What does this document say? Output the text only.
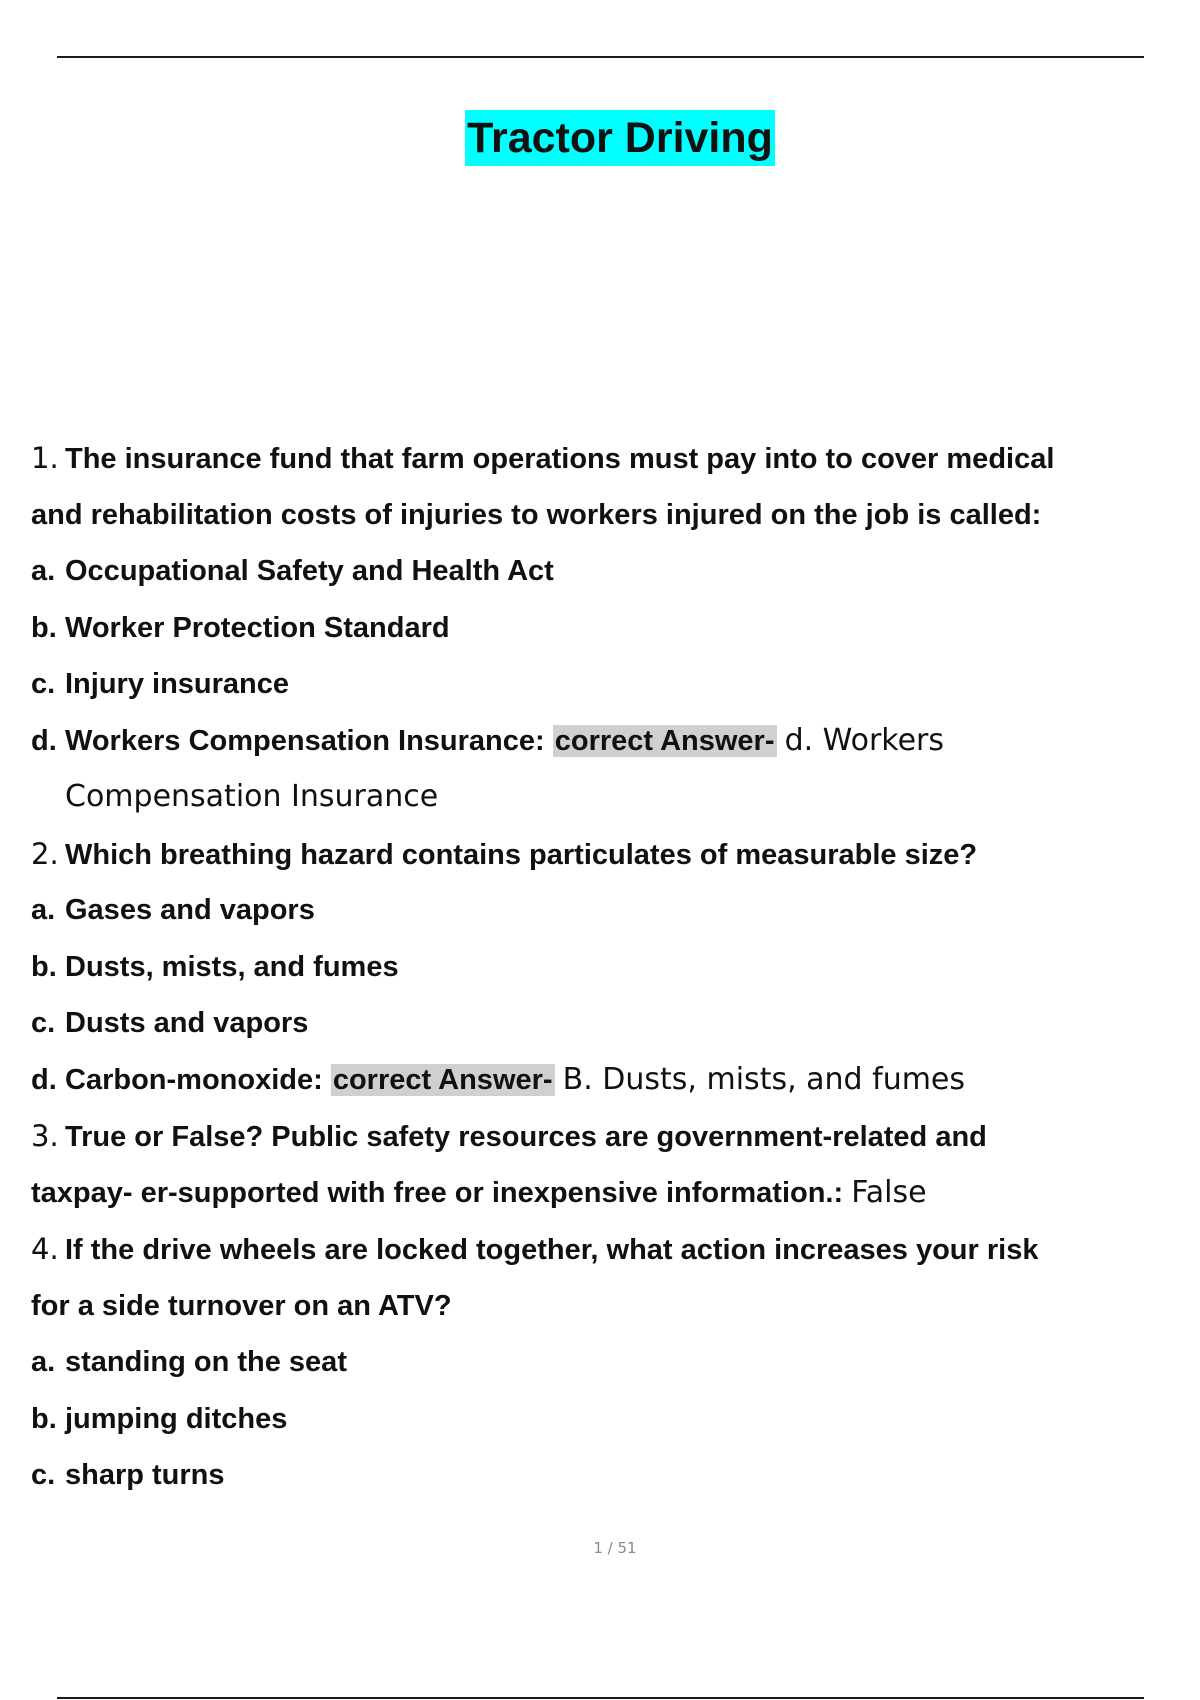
Tractor Driving
1. The insurance fund that farm operations must pay into to cover medical
and rehabilitation costs of injuries to workers injured on the job is called:
a. Occupational Safety and Health Act
b. Worker Protection Standard
c. Injury insurance
d. Workers Compensation Insurance: correct Answer- d. Workers
Compensation Insurance
2. Which breathing hazard contains particulates of measurable size?
a. Gases and vapors
b. Dusts, mists, and fumes
c. Dusts and vapors
d. Carbon-monoxide: correct Answer- B. Dusts, mists, and fumes
3. True or False? Public safety resources are government-related and
taxpay- er-supported with free or inexpensive information.: False
4. If the drive wheels are locked together, what action increases your risk
for a side turnover on an ATV?
a. standing on the seat
b. jumping ditches
c. sharp turns
1 / 51
